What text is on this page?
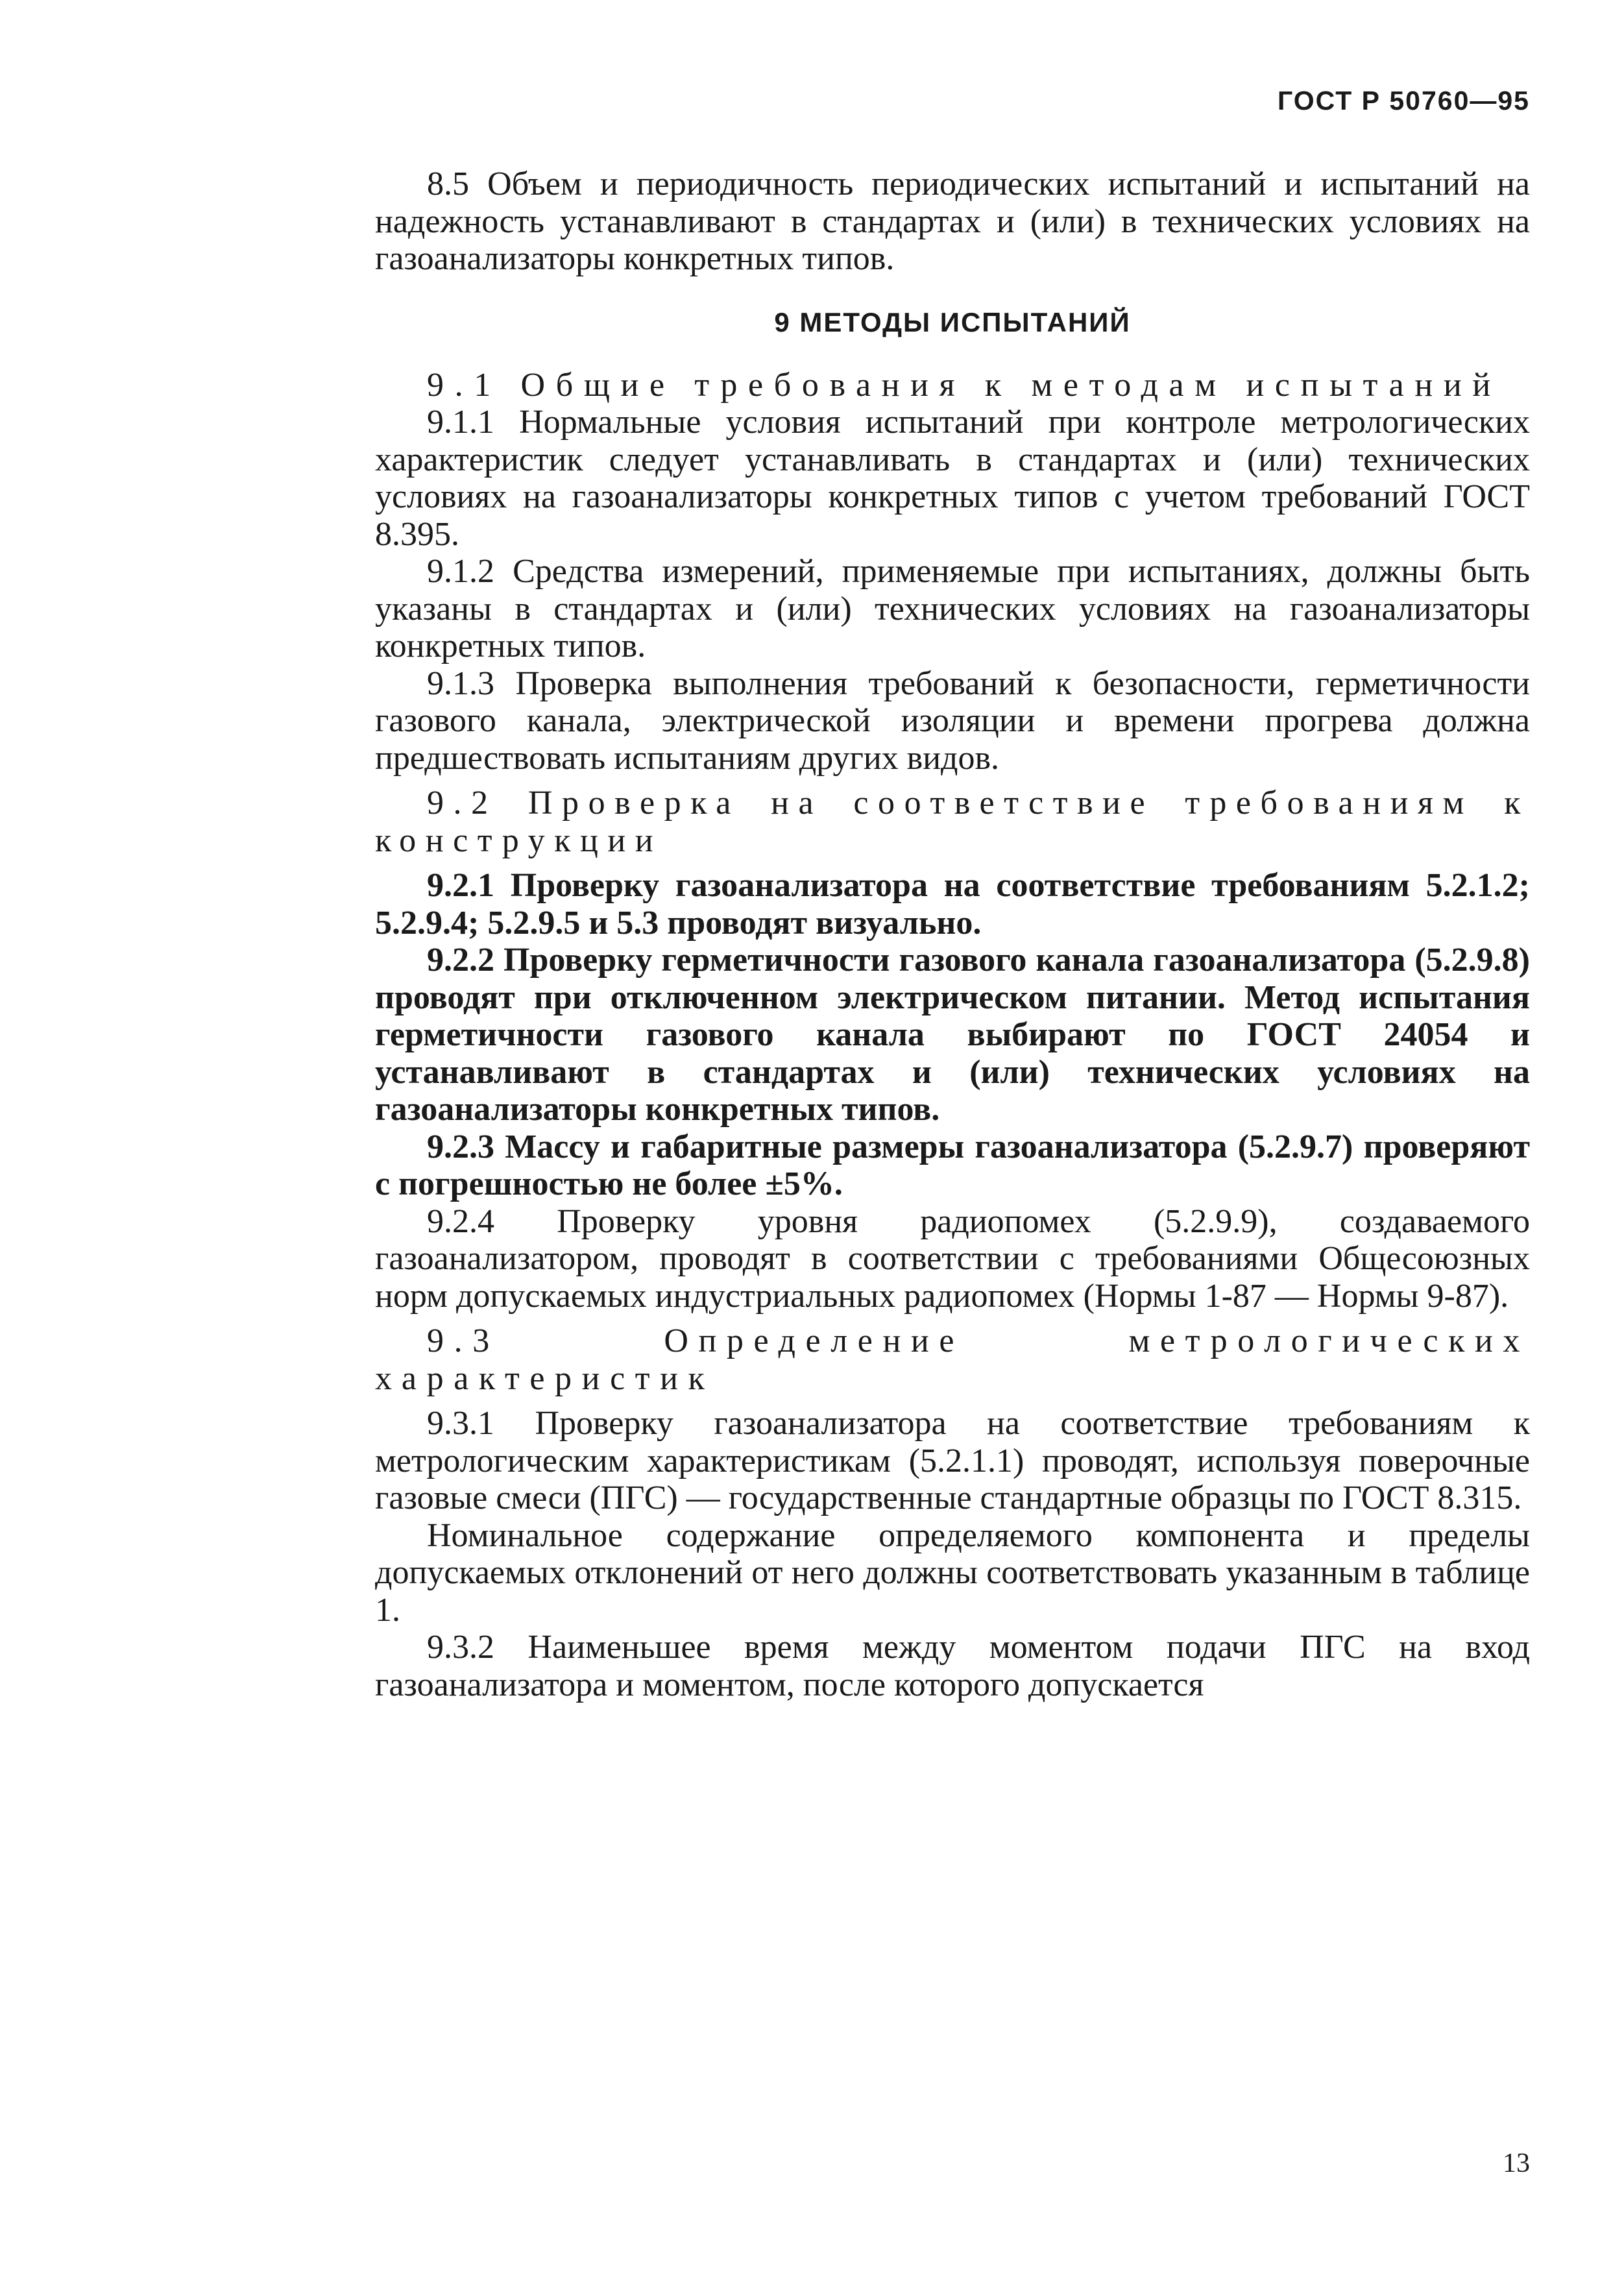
ГОСТ Р 50760—95

8.5 Объем и периодичность периодических испытаний и испытаний на надежность устанавливают в стандартах и (или) в технических условиях на газоанализаторы конкретных типов.

9 МЕТОДЫ ИСПЫТАНИЙ

9.1 Общие требования к методам испытаний

9.1.1 Нормальные условия испытаний при контроле метрологических характеристик следует устанавливать в стандартах и (или) технических условиях на газоанализаторы конкретных типов с учетом требований ГОСТ 8.395.

9.1.2 Средства измерений, применяемые при испытаниях, должны быть указаны в стандартах и (или) технических условиях на газоанализаторы конкретных типов.

9.1.3 Проверка выполнения требований к безопасности, герметичности газового канала, электрической изоляции и времени прогрева должна предшествовать испытаниям других видов.

9.2 Проверка на соответствие требованиям к конструкции

9.2.1 Проверку газоанализатора на соответствие требованиям 5.2.1.2; 5.2.9.4; 5.2.9.5 и 5.3 проводят визуально.

9.2.2 Проверку герметичности газового канала газоанализатора (5.2.9.8) проводят при отключенном электрическом питании. Метод испытания герметичности газового канала выбирают по ГОСТ 24054 и устанавливают в стандартах и (или) технических условиях на газоанализаторы конкретных типов.

9.2.3 Массу и габаритные размеры газоанализатора (5.2.9.7) проверяют с погрешностью не более ±5%.

9.2.4 Проверку уровня радиопомех (5.2.9.9), создаваемого газоанализатором, проводят в соответствии с требованиями Общесоюзных норм допускаемых индустриальных радиопомех (Нормы 1-87 — Нормы 9-87).

9.3 Определение метрологических характеристик

9.3.1 Проверку газоанализатора на соответствие требованиям к метрологическим характеристикам (5.2.1.1) проводят, используя поверочные газовые смеси (ПГС) — государственные стандартные образцы по ГОСТ 8.315.

Номинальное содержание определяемого компонента и пределы допускаемых отклонений от него должны соответствовать указанным в таблице 1.

9.3.2 Наименьшее время между моментом подачи ПГС на вход газоанализатора и моментом, после которого допускается

13
